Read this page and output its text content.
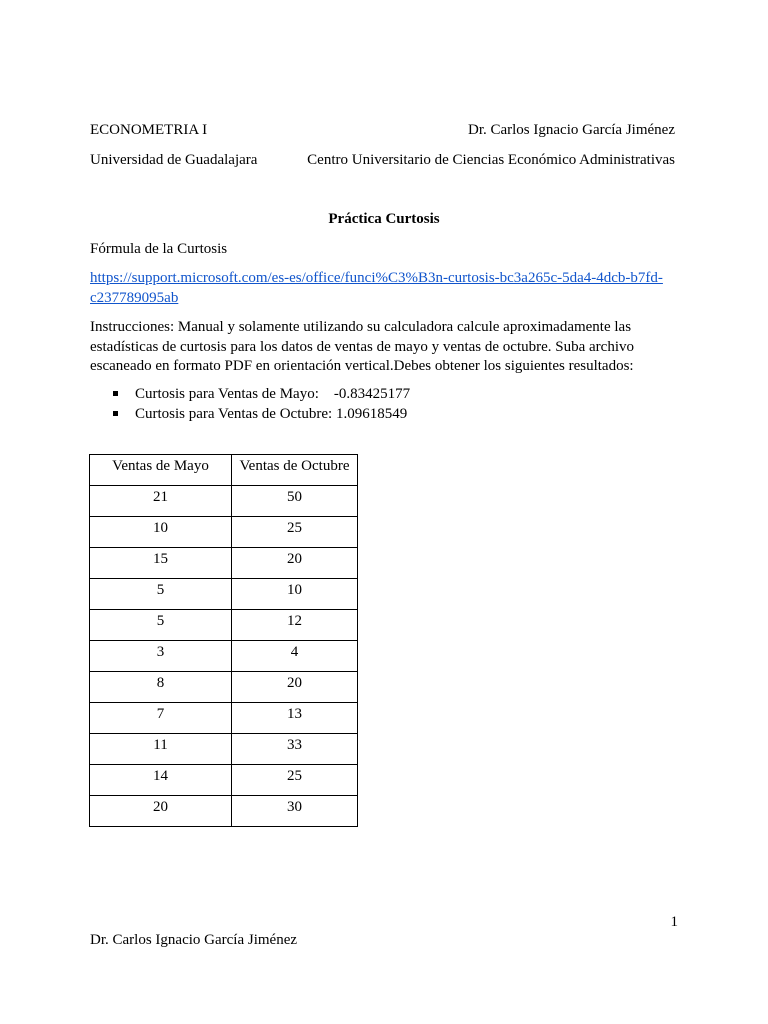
ECONOMETRIA I	Dr. Carlos Ignacio García Jiménez
Universidad de Guadalajara	Centro Universitario de Ciencias Económico Administrativas
Práctica Curtosis
Fórmula de la Curtosis
https://support.microsoft.com/es-es/office/funci%C3%B3n-curtosis-bc3a265c-5da4-4dcb-b7fd-
c237789095ab
Instrucciones: Manual y solamente utilizando su calculadora calcule aproximadamente las
estadísticas de curtosis para los datos de ventas de mayo y ventas de octubre. Suba archivo
escaneado en formato PDF en orientación vertical.Debes obtener los siguientes resultados:
Curtosis para Ventas de Mayo: -0.83425177
Curtosis para Ventas de Octubre: 1.09618549
Ventas de Mayo	Ventas de Octubre
21	50
10	25
15	20
5	10
5	12
3	4
8	20
7	13
11	33
14	25
20	30
1
Dr. Carlos Ignacio García Jiménez
